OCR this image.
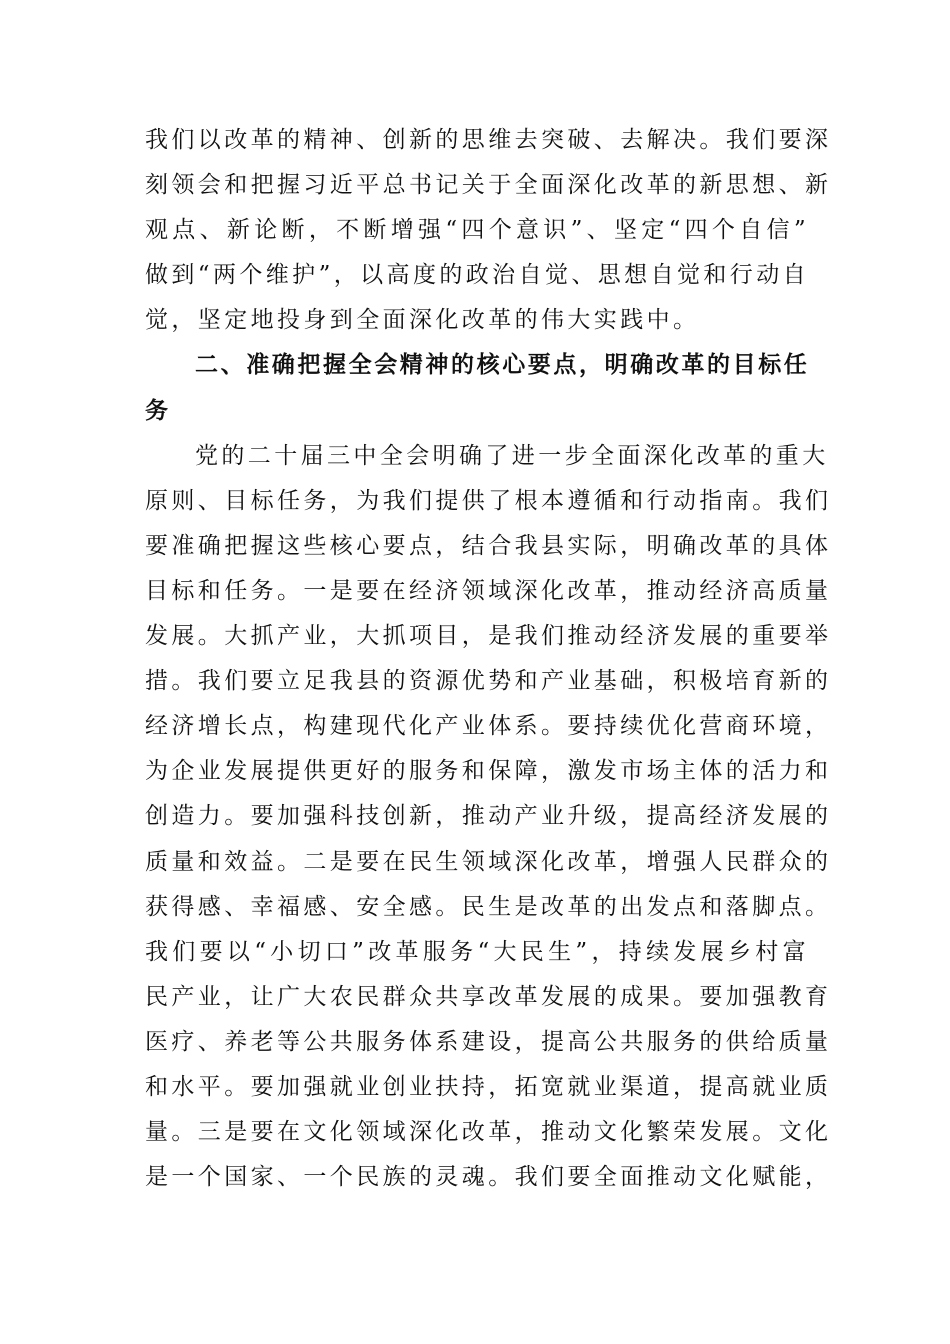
我们以改革的精神、创新的思维去突破、去解决。我们要深
刻领会和把握习近平总书记关于全面深化改革的新思想、新
观点、新论断，不断增强“四个意识”、坚定“四个自信”
做到“两个维护”，以高度的政治自觉、思想自觉和行动自
觉，坚定地投身到全面深化改革的伟大实践中。
二、准确把握全会精神的核心要点，明确改革的目标任
务
党的二十届三中全会明确了进一步全面深化改革的重大
原则、目标任务，为我们提供了根本遵循和行动指南。我们
要准确把握这些核心要点，结合我县实际，明确改革的具体
目标和任务。一是要在经济领域深化改革，推动经济高质量
发展。大抓产业，大抓项目，是我们推动经济发展的重要举
措。我们要立足我县的资源优势和产业基础，积极培育新的
经济增长点，构建现代化产业体系。要持续优化营商环境，
为企业发展提供更好的服务和保障，激发市场主体的活力和
创造力。要加强科技创新，推动产业升级，提高经济发展的
质量和效益。二是要在民生领域深化改革，增强人民群众的
获得感、幸福感、安全感。民生是改革的出发点和落脚点。
我们要以“小切口”改革服务“大民生”，持续发展乡村富
民产业，让广大农民群众共享改革发展的成果。要加强教育
医疗、养老等公共服务体系建设，提高公共服务的供给质量
和水平。要加强就业创业扶持，拓宽就业渠道，提高就业质
量。三是要在文化领域深化改革，推动文化繁荣发展。文化
是一个国家、一个民族的灵魂。我们要全面推动文化赋能，
